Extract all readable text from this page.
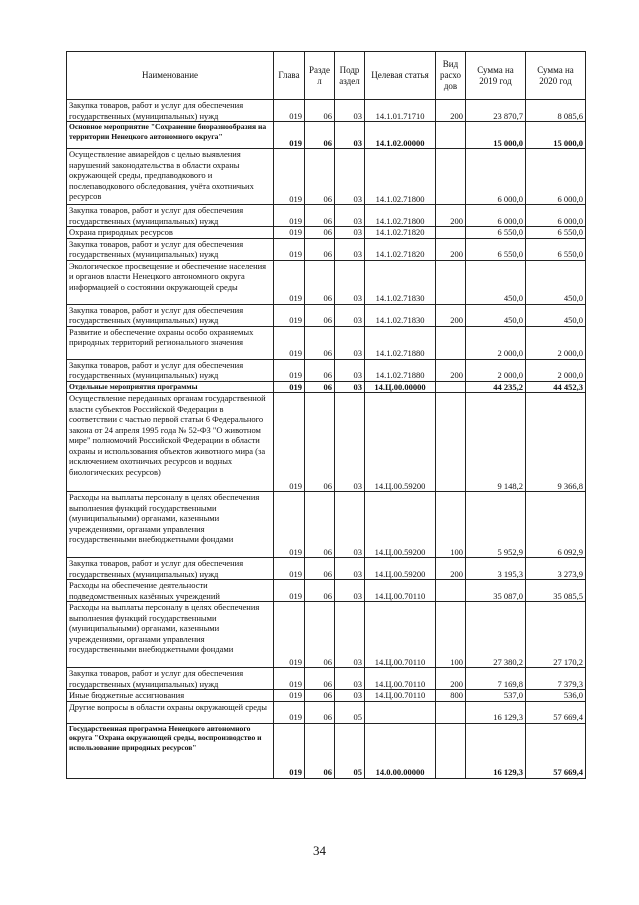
Наименование	Глава	Разде л	Подр аздел	Целевая статья	Вид расхо дов	Сумма на 2019 год	Сумма на 2020 год
Закупка товаров, работ и услуг для обеспечения государственных (муниципальных) нужд	019	06	03	14.1.01.71710	200	23 870,7	8 085,6
Основное мероприятие "Сохранение биоразнообразия на территории Ненецкого автономного округа"	019	06	03	14.1.02.00000		15 000,0	15 000,0
Осуществление авиарейдов с целью выявления нарушений законодательства в области охраны окружающей среды, предпаводкового и послепаводкового обследования, учёта охотничьих ресурсов	019	06	03	14.1.02.71800		6 000,0	6 000,0
Закупка товаров, работ и услуг для обеспечения государственных (муниципальных) нужд	019	06	03	14.1.02.71800	200	6 000,0	6 000,0
Охрана природных ресурсов	019	06	03	14.1.02.71820		6 550,0	6 550,0
Закупка товаров, работ и услуг для обеспечения государственных (муниципальных) нужд	019	06	03	14.1.02.71820	200	6 550,0	6 550,0
Экологическое просвещение и обеспечение населения и органов власти Ненецкого автономного округа информацией о состоянии окружающей среды	019	06	03	14.1.02.71830		450,0	450,0
Закупка товаров, работ и услуг для обеспечения государственных (муниципальных) нужд	019	06	03	14.1.02.71830	200	450,0	450,0
Развитие и обеспечение охраны особо охраняемых природных территорий регионального значения	019	06	03	14.1.02.71880		2 000,0	2 000,0
Закупка товаров, работ и услуг для обеспечения государственных (муниципальных) нужд	019	06	03	14.1.02.71880	200	2 000,0	2 000,0
Отдельные мероприятия программы	019	06	03	14.Ц.00.00000		44 235,2	44 452,3
Осуществление переданных органам государственной власти субъектов Российской Федерации в соответствии с частью первой статьи 6 Федерального закона от 24 апреля 1995 года № 52-ФЗ "О животном мире" полномочий Российской Федерации в области охраны и использования объектов животного мира (за исключением охотничьих ресурсов и водных биологических ресурсов)	019	06	03	14.Ц.00.59200		9 148,2	9 366,8
Расходы на выплаты персоналу в целях обеспечения выполнения функций государственными (муниципальными) органами, казенными учреждениями, органами управления государственными внебюджетными фондами	019	06	03	14.Ц.00.59200	100	5 952,9	6 092,9
Закупка товаров, работ и услуг для обеспечения государственных (муниципальных) нужд	019	06	03	14.Ц.00.59200	200	3 195,3	3 273,9
Расходы на обеспечение деятельности подведомственных казённых учреждений	019	06	03	14.Ц.00.70110		35 087,0	35 085,5
Расходы на выплаты персоналу в целях обеспечения выполнения функций государственными (муниципальными) органами, казенными учреждениями, органами управления государственными внебюджетными фондами	019	06	03	14.Ц.00.70110	100	27 380,2	27 170,2
Закупка товаров, работ и услуг для обеспечения государственных (муниципальных) нужд	019	06	03	14.Ц.00.70110	200	7 169,8	7 379,3
Иные бюджетные ассигнования	019	06	03	14.Ц.00.70110	800	537,0	536,0
Другие вопросы в области охраны окружающей среды	019	06	05			16 129,3	57 669,4
Государственная программа Ненецкого автономного округа "Охрана окружающей среды, воспроизводство и использование природных ресурсов"	019	06	05	14.0.00.00000		16 129,3	57 669,4
34
